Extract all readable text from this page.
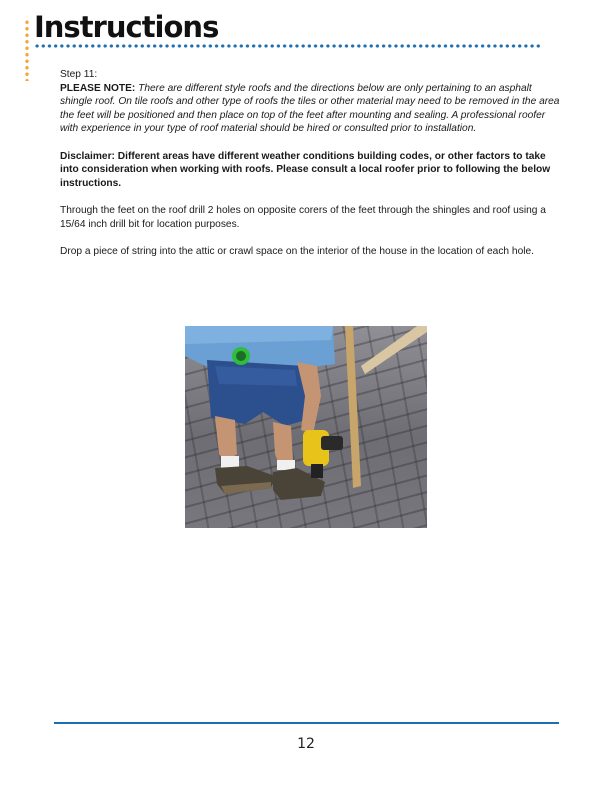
Instructions

Step 11:

PLEASE NOTE: There are different style roofs and the directions below are only pertaining to an asphalt shingle roof. On tile roofs and other type of roofs the tiles or other material may need to be removed in the area the feet will be positioned and then place on top of the feet after mounting and sealing. A professional roofer with experience in your type of roof material should be hired or consulted prior to installation.

Disclaimer: Different areas have different weather conditions building codes, or other factors to take into consideration when working with roofs. Please consult a local roofer prior to following the below instructions.

Through the feet on the roof drill 2 holes on opposite corers of the feet through the shingles and roof using a 15/64 inch drill bit for location purposes.

Drop a piece of string into the attic or crawl space on the interior of the house in the location of each hole.

12
